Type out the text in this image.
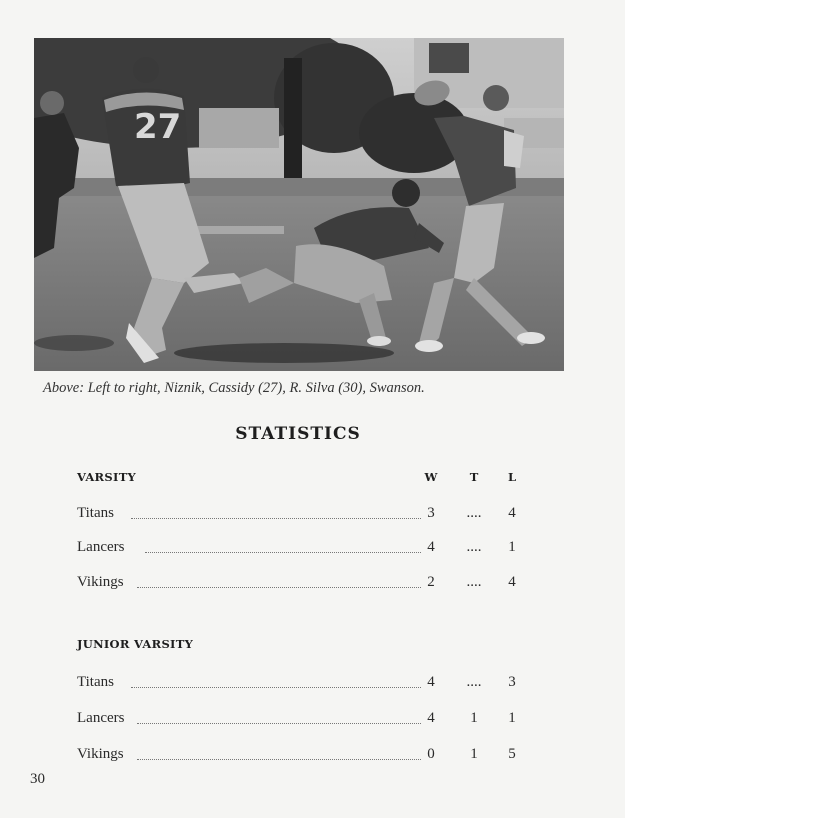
27
Above: Left to right, Niznik, Cassidy (27), R. Silva (30), Swanson.
STATISTICS
VARSITY	W	T	L
Titans	3	....	4
Lancers	4	....	1
Vikings	2	....	4
JUNIOR VARSITY
Titans	4	....	3
Lancers	4	1	1
Vikings	0	1	5
30
